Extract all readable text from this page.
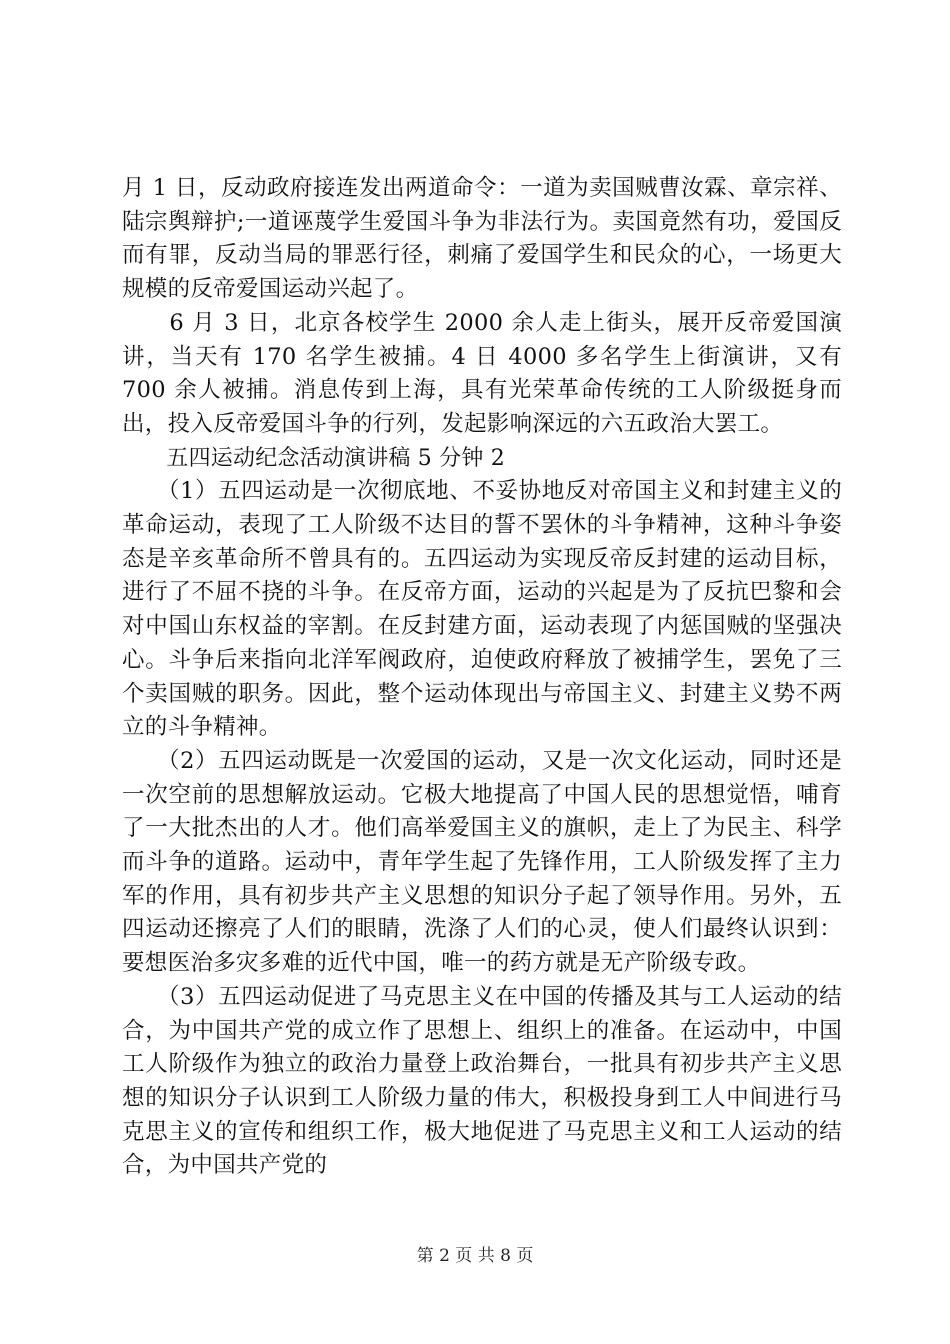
月 1 日，反动政府接连发出两道命令：一道为卖国贼曹汝霖、章宗祥、陆宗舆辩护;一道诬蔑学生爱国斗争为非法行为。卖国竟然有功，爱国反而有罪，反动当局的罪恶行径，刺痛了爱国学生和民众的心，一场更大规模的反帝爱国运动兴起了。

　　6 月 3 日，北京各校学生 2000 余人走上街头，展开反帝爱国演讲，当天有 170 名学生被捕。4 日 4000 多名学生上街演讲，又有 700 余人被捕。消息传到上海，具有光荣革命传统的工人阶级挺身而出，投入反帝爱国斗争的行列，发起影响深远的六五政治大罢工。

　　五四运动纪念活动演讲稿 5 分钟 2

　　（1）五四运动是一次彻底地、不妥协地反对帝国主义和封建主义的革命运动，表现了工人阶级不达目的誓不罢休的斗争精神，这种斗争姿态是辛亥革命所不曾具有的。五四运动为实现反帝反封建的运动目标，进行了不屈不挠的斗争。在反帝方面，运动的兴起是为了反抗巴黎和会对中国山东权益的宰割。在反封建方面，运动表现了内惩国贼的坚强决心。斗争后来指向北洋军阀政府，迫使政府释放了被捕学生，罢免了三个卖国贼的职务。因此，整个运动体现出与帝国主义、封建主义势不两立的斗争精神。

　　（2）五四运动既是一次爱国的运动，又是一次文化运动，同时还是一次空前的思想解放运动。它极大地提高了中国人民的思想觉悟，哺育了一大批杰出的人才。他们高举爱国主义的旗帜，走上了为民主、科学而斗争的道路。运动中，青年学生起了先锋作用，工人阶级发挥了主力军的作用，具有初步共产主义思想的知识分子起了领导作用。另外，五四运动还擦亮了人们的眼睛，洗涤了人们的心灵，使人们最终认识到：要想医治多灾多难的近代中国，唯一的药方就是无产阶级专政。

　　（3）五四运动促进了马克思主义在中国的传播及其与工人运动的结合，为中国共产党的成立作了思想上、组织上的准备。在运动中，中国工人阶级作为独立的政治力量登上政治舞台，一批具有初步共产主义思想的知识分子认识到工人阶级力量的伟大，积极投身到工人中间进行马克思主义的宣传和组织工作，极大地促进了马克思主义和工人运动的结合，为中国共产党的

第 2 页 共 8 页
